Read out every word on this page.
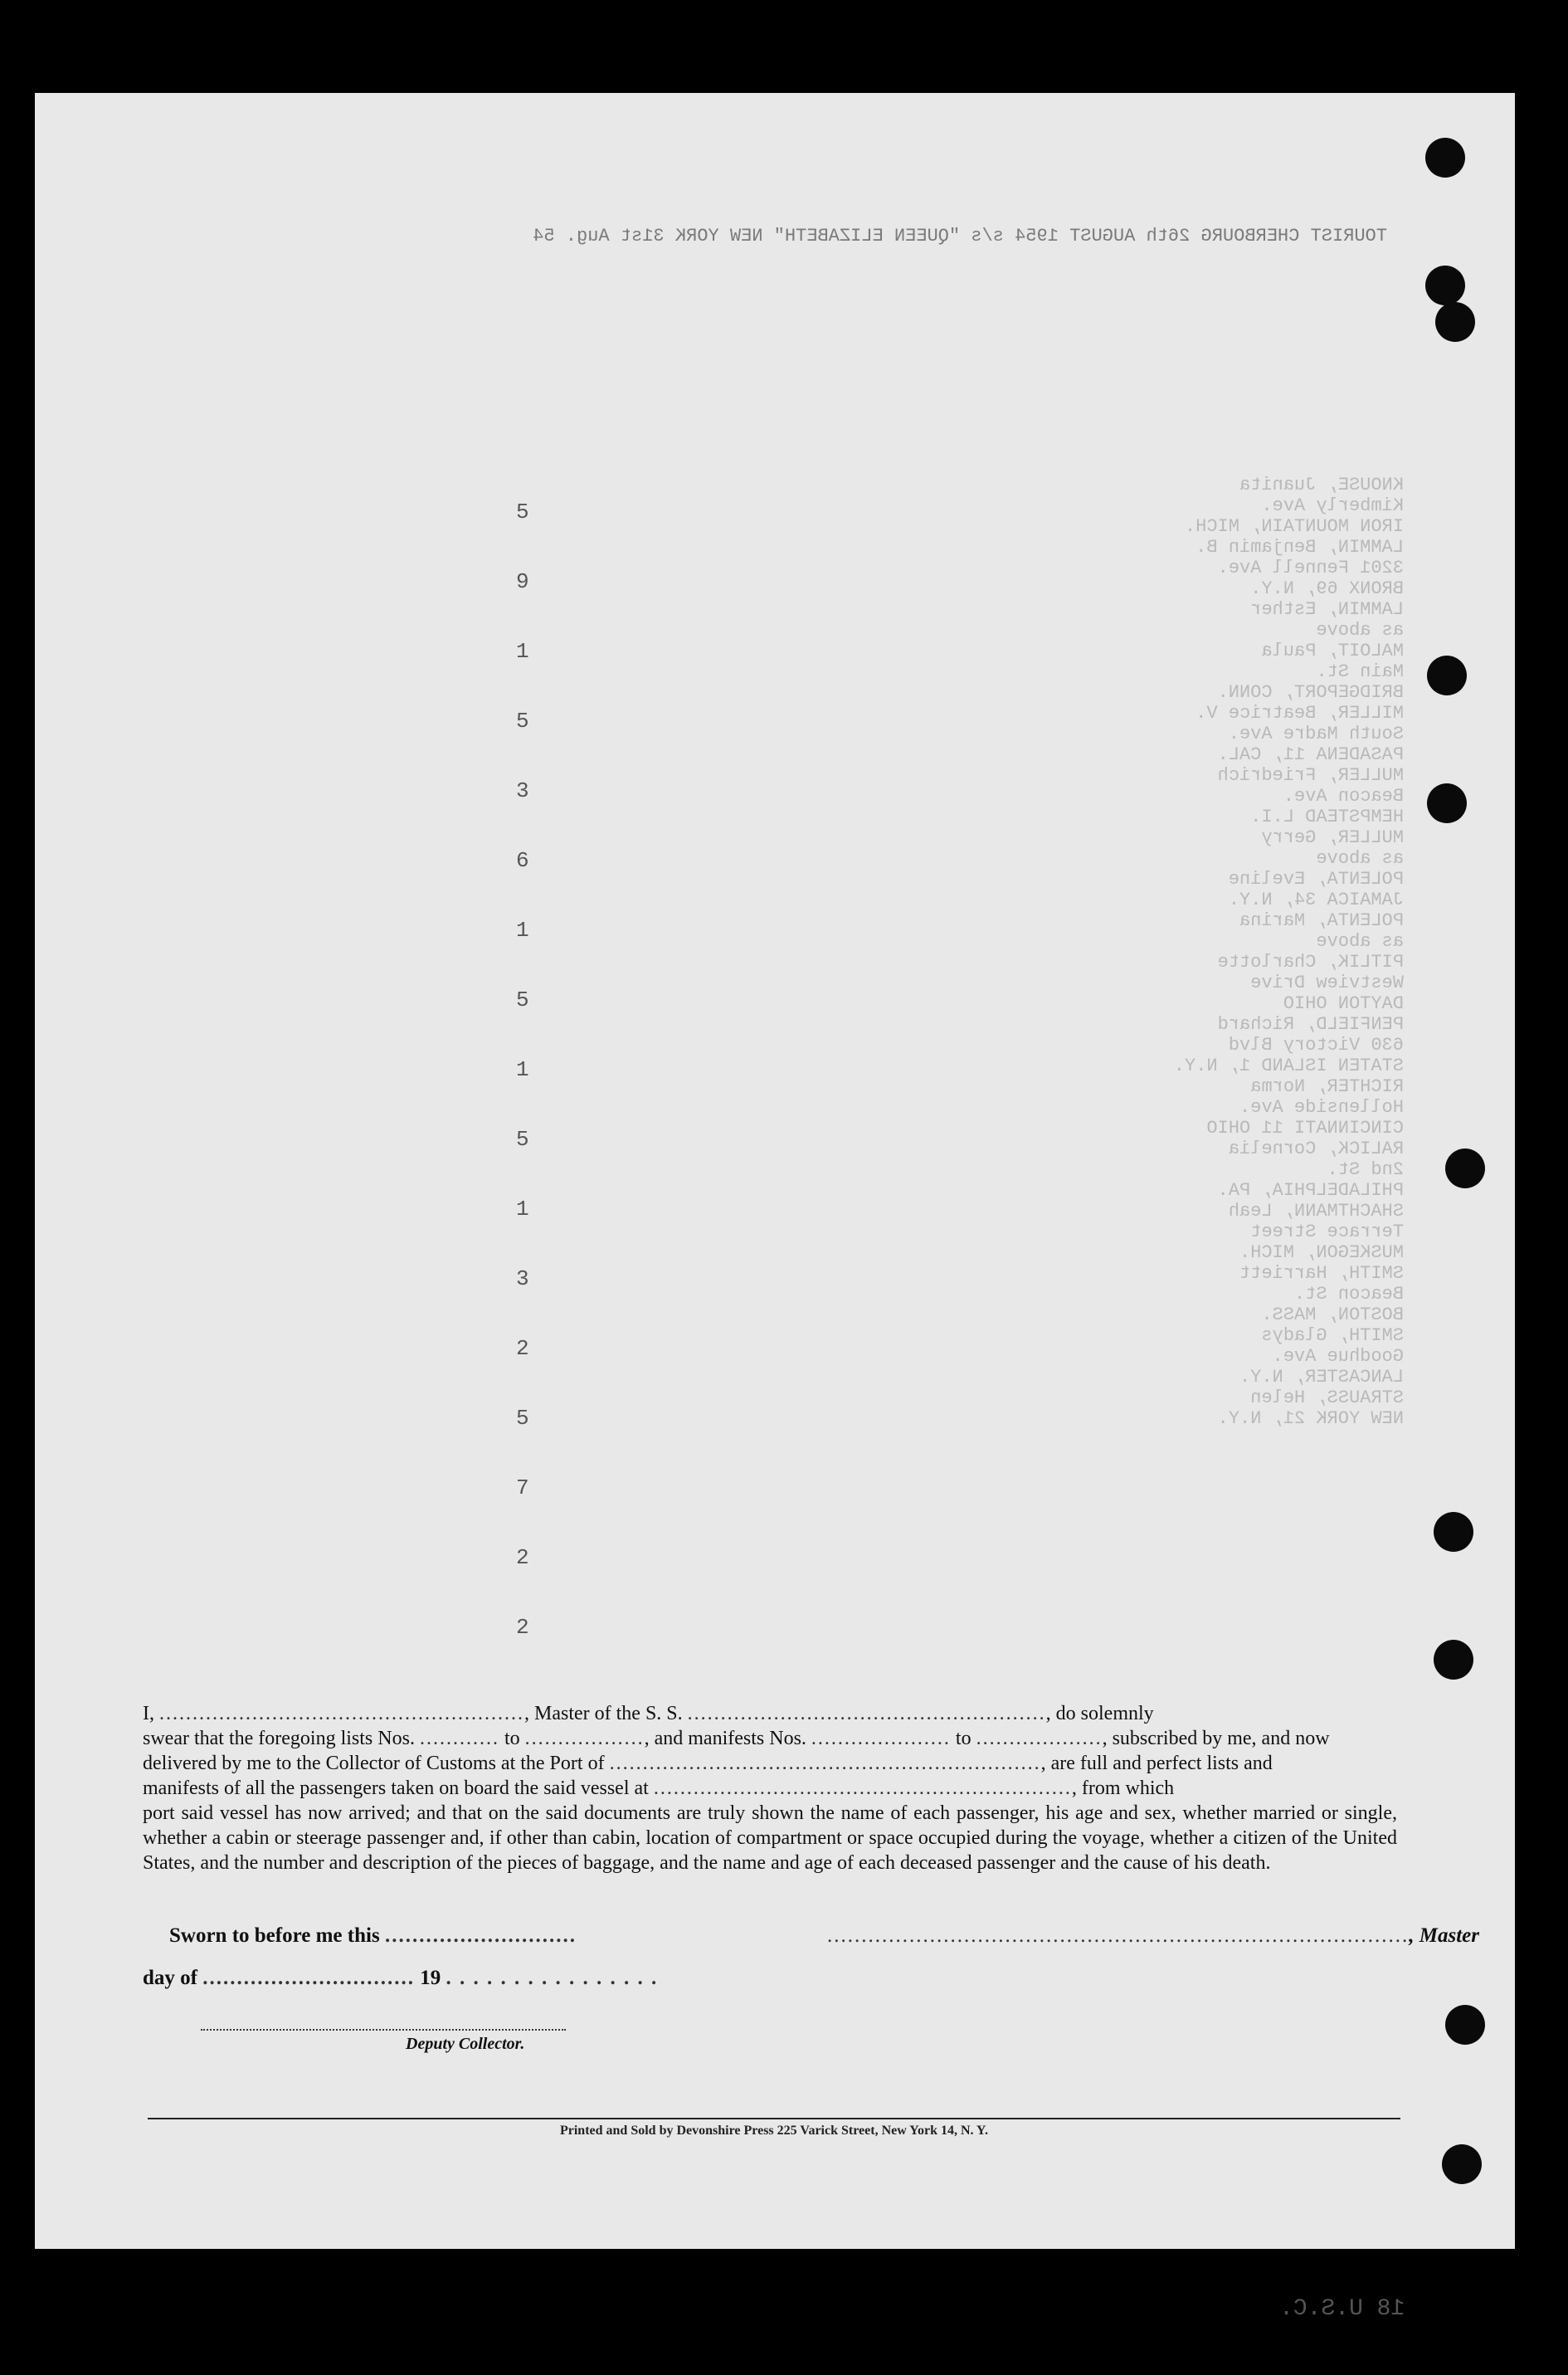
TOURIST CHERBOURG 26th AUGUST 1954 s/s "QUEEN ELIZABETH" NEW YORK 31st Aug. 54
KNOUSE, Juanita
Kimberly Ave.
IRON MOUNTAIN, MICH.
LAMMIN, Benjamin B.
3201 Fennell Ave.
BRONX 69, N.Y.
LAMMIN, Esther
as above
MALOIT, Paula
Main St.
BRIDGEPORT, CONN.
MILLER, Beatrice V.
South Madre Ave.
PASADENA 11, CAL.
MULLER, Friedrich
Beacon Ave.
HEMPSTEAD L.I.
MULLER, Gerry
as above
POLENTA, Eveline
JAMAICA 34, N.Y.
POLENTA, Marina
as above
PITLIK, Charlotte
Westview Drive
DAYTON OHIO
PENFIELD, Richard
630 Victory Blvd
STATEN ISLAND 1, N.Y.
RICHTER, Norma
Hollenside Ave.
CINCINNATI 11 OHIO
RALICK, Cornelia
2nd St.
PHILADELPHIA, PA.
SHACHTMANN, Leah
Terrace Street
MUSKEGON, MICH.
SMITH, Harriett
Beacon St.
BOSTON, MASS.
SMITH, Gladys
Goodhue Ave.
LANCASTER, N.Y.
STRAUSS, Helen
NEW YORK 21, N.Y.
5
9
1
5
3
6
1
5
1
5
1
3
2
5
7
2
2

I, ......................................................., Master of the S. S. ......................................................, do solemnly

swear that the foregoing lists Nos. ............ to .................., and manifests Nos. ..................... to ..................., subscribed by me, and now

delivered by me to the Collector of Customs at the Port of ................................................................., are full and perfect lists and

manifests of all the passengers taken on board the said vessel at ..............................................................., from which

port said vessel has now arrived; and that on the said documents are truly shown the name of each passenger, his age and sex, whether married or single, whether a cabin or steerage passenger and, if other than cabin, location of compartment or space occupied during the voyage, whether a citizen of the United States, and the number and description of the pieces of baggage, and the name and age of each deceased passenger and the cause of his death.

Sworn to before me this ............................	....................................................................................., Master
day of ............................... 19 . . . . . . . . . . . . . . . .
Deputy Collector.
Printed and Sold by Devonshire Press 225 Varick Street, New York 14, N. Y.
18 U.S.C.
